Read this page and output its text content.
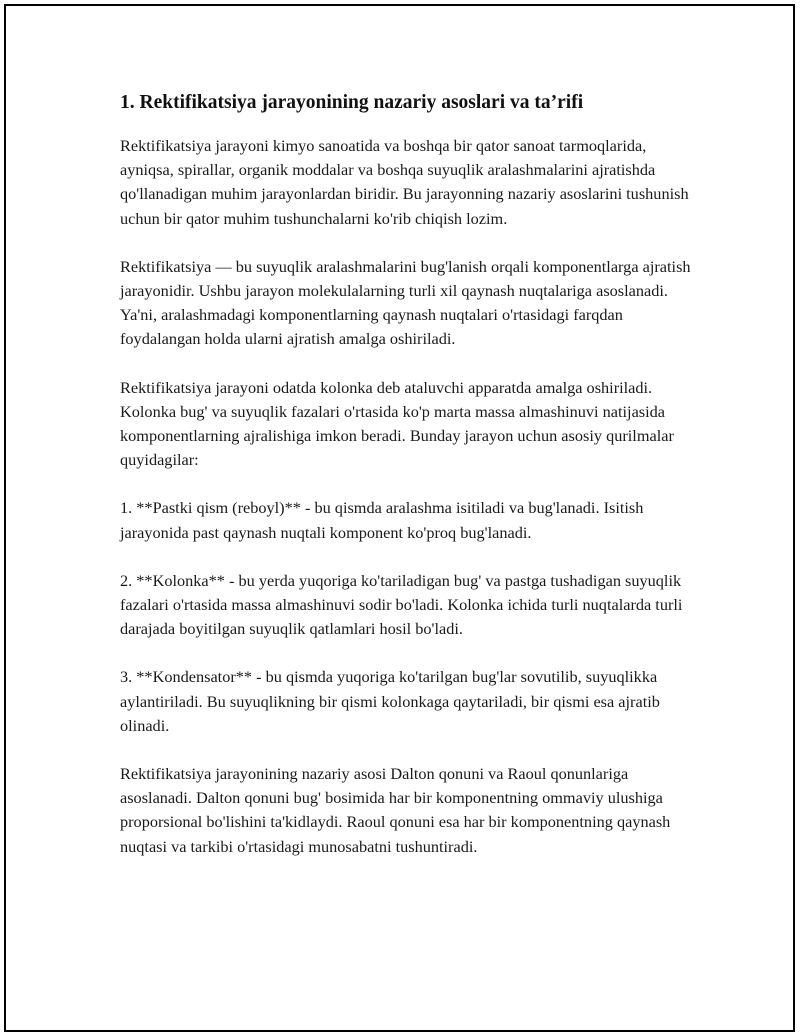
1. Rektifikatsiya jarayonining nazariy asoslari va ta’rifi

Rektifikatsiya jarayoni kimyo sanoatida va boshqa bir qator sanoat tarmoqlarida, ayniqsa, spirallar, organik moddalar va boshqa suyuqlik aralashmalarini ajratishda qo'llanadigan muhim jarayonlardan biridir. Bu jarayonning nazariy asoslarini tushunish uchun bir qator muhim tushunchalarni ko'rib chiqish lozim.

Rektifikatsiya — bu suyuqlik aralashmalarini bug'lanish orqali komponentlarga ajratish jarayonidir. Ushbu jarayon molekulalarning turli xil qaynash nuqtalariga asoslanadi. Ya'ni, aralashmadagi komponentlarning qaynash nuqtalari o'rtasidagi farqdan foydalangan holda ularni ajratish amalga oshiriladi.

Rektifikatsiya jarayoni odatda kolonka deb ataluvchi apparatda amalga oshiriladi. Kolonka bug' va suyuqlik fazalari o'rtasida ko'p marta massa almashinuvi natijasida komponentlarning ajralishiga imkon beradi. Bunday jarayon uchun asosiy qurilmalar quyidagilar:

1. **Pastki qism (reboyl)** - bu qismda aralashma isitiladi va bug'lanadi. Isitish jarayonida past qaynash nuqtali komponent ko'proq bug'lanadi.

2. **Kolonka** - bu yerda yuqoriga ko'tariladigan bug' va pastga tushadigan suyuqlik fazalari o'rtasida massa almashinuvi sodir bo'ladi. Kolonka ichida turli nuqtalarda turli darajada boyitilgan suyuqlik qatlamlari hosil bo'ladi.

3. **Kondensator** - bu qismda yuqoriga ko'tarilgan bug'lar sovutilib, suyuqlikka aylantiriladi. Bu suyuqlikning bir qismi kolonkaga qaytariladi, bir qismi esa ajratib olinadi.

Rektifikatsiya jarayonining nazariy asosi Dalton qonuni va Raoul qonunlariga asoslanadi. Dalton qonuni bug' bosimida har bir komponentning ommaviy ulushiga proporsional bo'lishini ta'kidlaydi. Raoul qonuni esa har bir komponentning qaynash nuqtasi va tarkibi o'rtasidagi munosabatni tushuntiradi.
